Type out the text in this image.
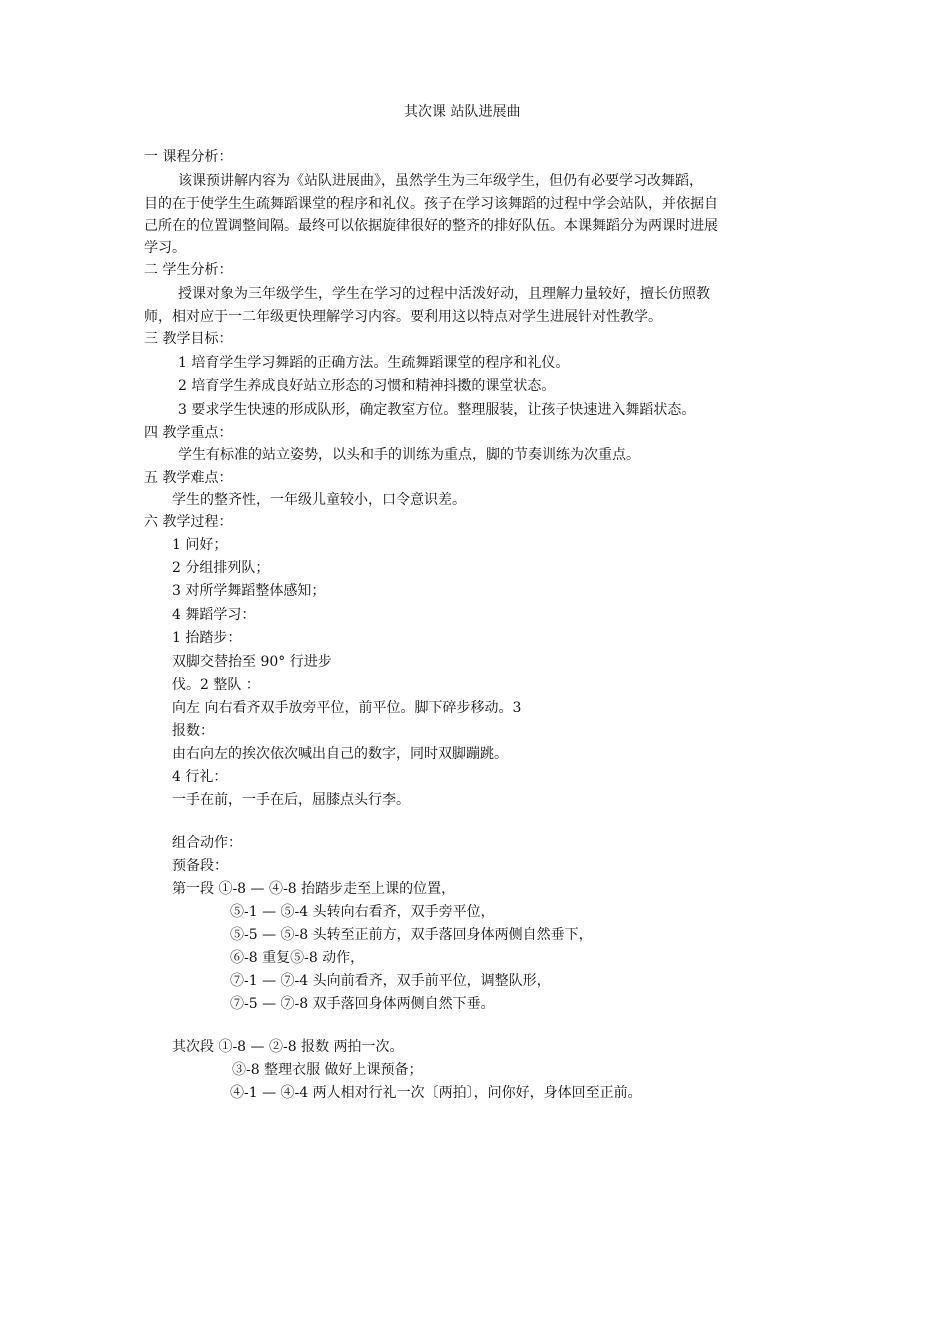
其次课 站队进展曲
一 课程分析：
该课预讲解内容为《站队进展曲》，虽然学生为三年级学生，但仍有必要学习改舞蹈，
目的在于使学生生疏舞蹈课堂的程序和礼仪。孩子在学习该舞蹈的过程中学会站队，并依据自
己所在的位置调整间隔。最终可以依据旋律很好的整齐的排好队伍。本课舞蹈分为两课时进展
学习。
二 学生分析：
授课对象为三年级学生，学生在学习的过程中活泼好动，且理解力量较好，擅长仿照教
师，相对应于一二年级更快理解学习内容。要利用这以特点对学生进展针对性教学。
三 教学目标：
1 培育学生学习舞蹈的正确方法。生疏舞蹈课堂的程序和礼仪。
2 培育学生养成良好站立形态的习惯和精神抖擞的课堂状态。
3 要求学生快速的形成队形，确定教室方位。整理服装，让孩子快速进入舞蹈状态。
四 教学重点：
学生有标准的站立姿势，以头和手的训练为重点，脚的节奏训练为次重点。
五 教学难点：
学生的整齐性，一年级儿童较小，口令意识差。
六 教学过程：
1 问好；
2 分组排列队；
3 对所学舞蹈整体感知；
4 舞蹈学习：
1 抬踏步：
双脚交替抬至 90° 行进步
伐。2 整队 ：
向左 向右看齐双手放旁平位，前平位。脚下碎步移动。3
报数：
由右向左的挨次依次喊出自己的数字，同时双脚蹦跳。
4 行礼：
一手在前，一手在后，屈膝点头行李。
组合动作：
预备段：
第一段 ①-8 — ④-8 抬踏步走至上课的位置，
⑤-1 — ⑤-4 头转向右看齐，双手旁平位，
⑤-5 — ⑤-8 头转至正前方，双手落回身体两侧自然垂下，
⑥-8 重复⑤-8 动作，
⑦-1 — ⑦-4 头向前看齐，双手前平位，调整队形，
⑦-5 — ⑦-8 双手落回身体两侧自然下垂。
其次段 ①-8 — ②-8 报数 两拍一次。
③-8 整理衣服 做好上课预备；
④-1 — ④-4 两人相对行礼一次〔两拍〕，问你好，身体回至正前。
